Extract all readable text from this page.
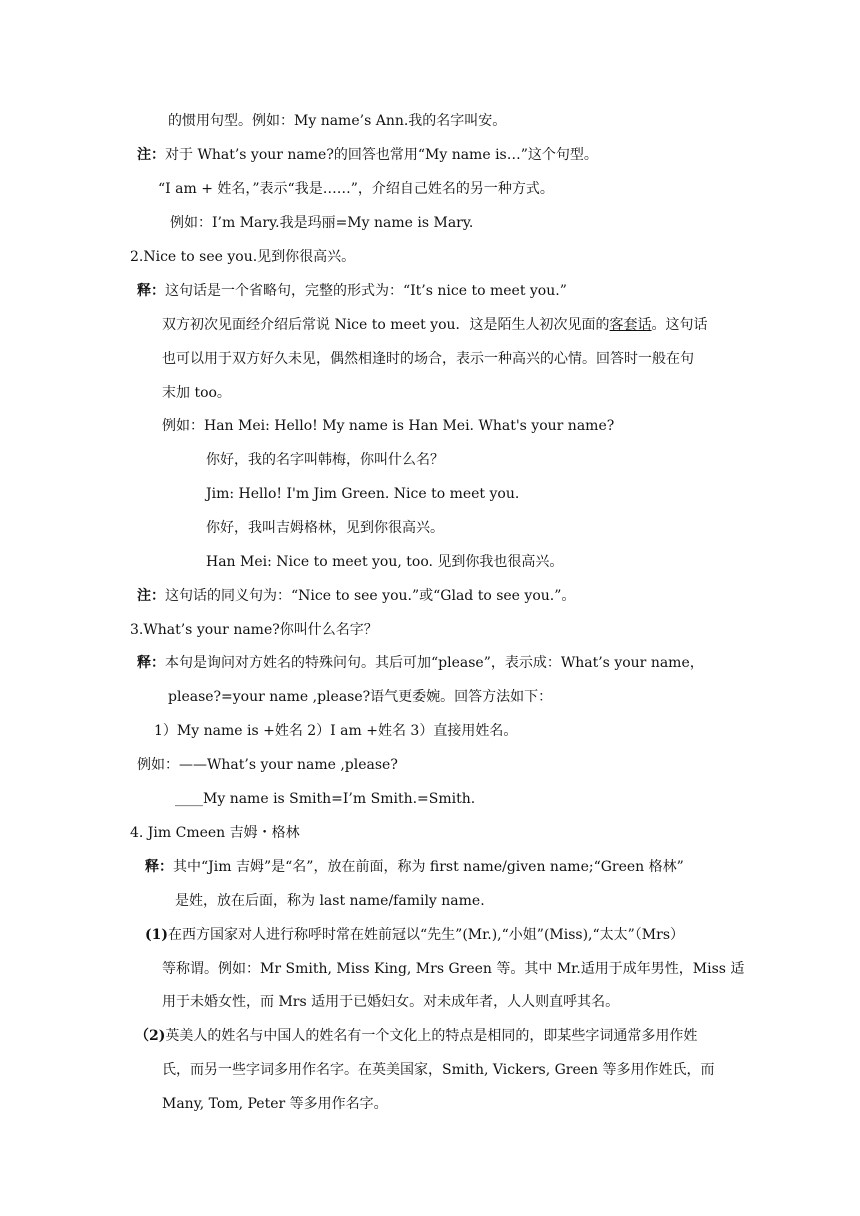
的惯用句型。例如：My name’s Ann.我的名字叫安。
注：对于 What’s your name?的回答也常用“My name is…”这个句型。
“I am + 姓名，”表示“我是……”，介绍自己姓名的另一种方式。
例如：I’m Mary.我是玛丽=My name is Mary.
2.Nice to see you.见到你很高兴。
释：这句话是一个省略句，完整的形式为：“It’s nice to meet you.”
双方初次见面经介绍后常说 Nice to meet you．这是陌生人初次见面的客套话。这句话
也可以用于双方好久未见，偶然相逢时的场合，表示一种高兴的心情。回答时一般在句
末加 too。
例如：Han Mei: Hello! My name is Han Mei. What's your name?
你好，我的名字叫韩梅，你叫什么名？
Jim: Hello! I'm Jim Green. Nice to meet you.
你好，我叫吉姆格林，见到你很高兴。
Han Mei: Nice to meet you, too. 见到你我也很高兴。
注：这句话的同义句为：“Nice to see you.”或“Glad to see you.”。
3.What’s your name?你叫什么名字？
释：本句是询问对方姓名的特殊问句。其后可加“please”，表示成：What’s your name，
please?=your name ,please?语气更委婉。回答方法如下：
1）My name is +姓名 2）I am +姓名 3）直接用姓名。
例如：——What’s your name ,please?
____My name is Smith=I’m Smith.=Smith.
4. Jim Cmeen 吉姆・格林
释：其中“Jim 吉姆”是“名”，放在前面，称为 first name/given name;“Green 格林”
是姓，放在后面，称为 last name/family name.
(1)在西方国家对人进行称呼时常在姓前冠以“先生”(Mr.),“小姐”(Miss),“太太”（Mrs）
等称谓。例如：Mr Smith, Miss King, Mrs Green 等。其中 Mr.适用于成年男性，Miss 适
用于未婚女性，而 Mrs 适用于已婚妇女。对未成年者，人人则直呼其名。
（2)英美人的姓名与中国人的姓名有一个文化上的特点是相同的，即某些字词通常多用作姓
氏，而另一些字词多用作名字。在英美国家，Smith, Vickers, Green 等多用作姓氏，而
Many, Tom, Peter 等多用作名字。
